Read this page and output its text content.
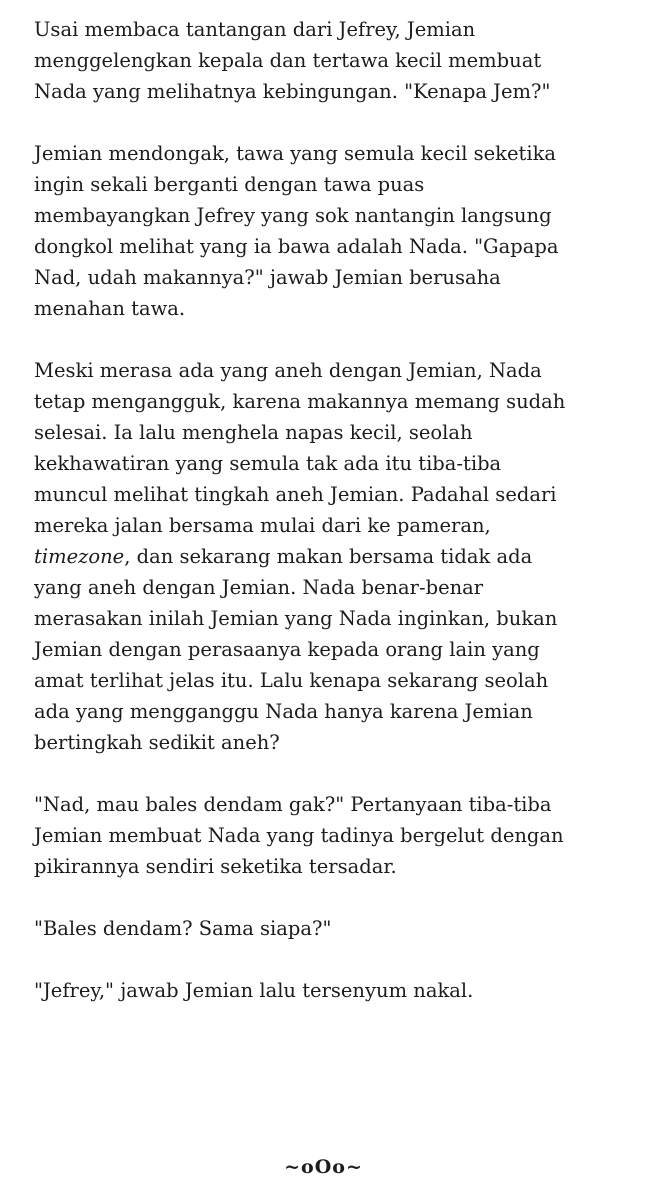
Usai membaca tantangan dari Jefrey, Jemian
menggelengkan kepala dan tertawa kecil membuat
Nada yang melihatnya kebingungan. "Kenapa Jem?"

Jemian mendongak, tawa yang semula kecil seketika
ingin sekali berganti dengan tawa puas
membayangkan Jefrey yang sok nantangin langsung
dongkol melihat yang ia bawa adalah Nada. "Gapapa
Nad, udah makannya?" jawab Jemian berusaha
menahan tawa.

Meski merasa ada yang aneh dengan Jemian, Nada
tetap mengangguk, karena makannya memang sudah
selesai. Ia lalu menghela napas kecil, seolah
kekhawatiran yang semula tak ada itu tiba-tiba
muncul melihat tingkah aneh Jemian. Padahal sedari
mereka jalan bersama mulai dari ke pameran,
timezone, dan sekarang makan bersama tidak ada
yang aneh dengan Jemian. Nada benar-benar
merasakan inilah Jemian yang Nada inginkan, bukan
Jemian dengan perasaanya kepada orang lain yang
amat terlihat jelas itu. Lalu kenapa sekarang seolah
ada yang mengganggu Nada hanya karena Jemian
bertingkah sedikit aneh?

"Nad, mau bales dendam gak?" Pertanyaan tiba-tiba
Jemian membuat Nada yang tadinya bergelut dengan
pikirannya sendiri seketika tersadar.

"Bales dendam? Sama siapa?"

"Jefrey," jawab Jemian lalu tersenyum nakal.

~oOo~
